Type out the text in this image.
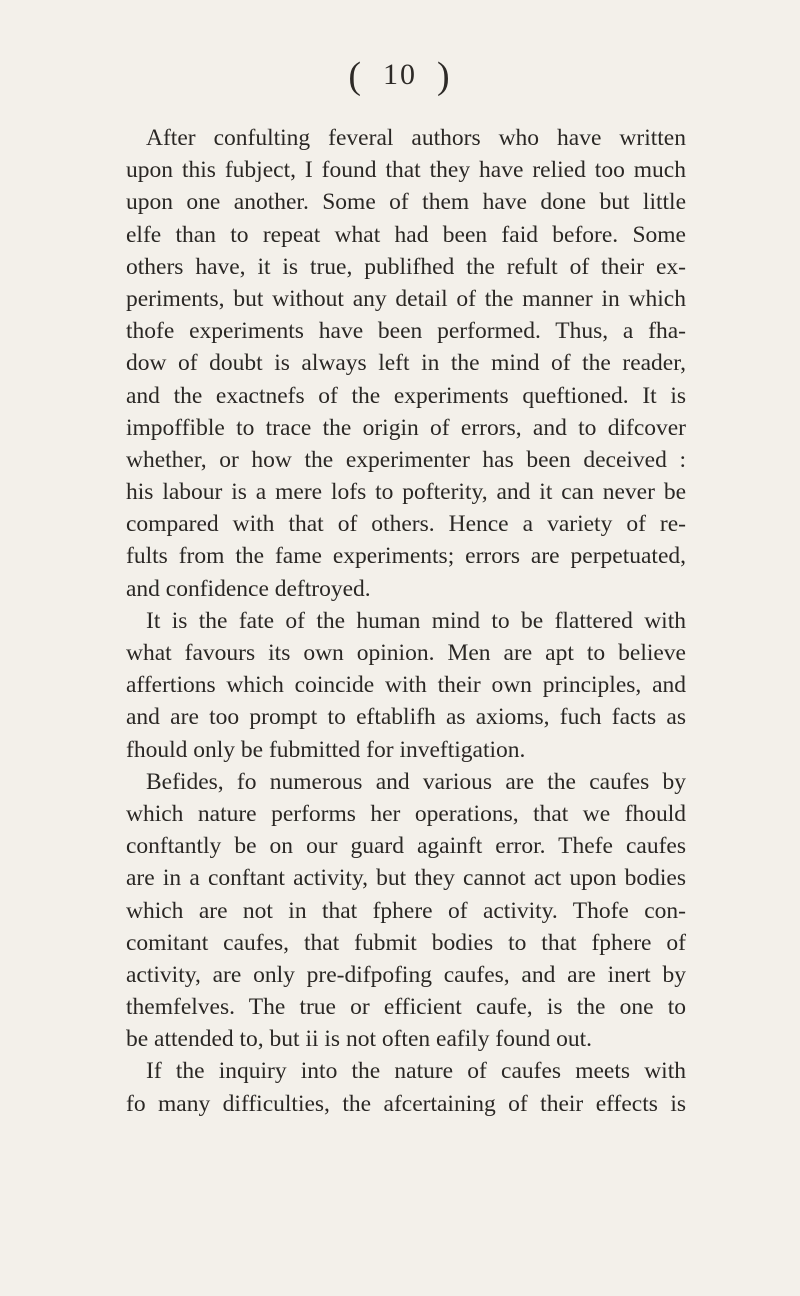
( 10 )
After confulting feveral authors who have written
upon this fubject, I found that they have relied too much
upon one another. Some of them have done but little
elfe than to repeat what had been faid before. Some
others have, it is true, publifhed the refult of their ex-
periments, but without any detail of the manner in which
thofe experiments have been performed. Thus, a fha-
dow of doubt is always left in the mind of the reader,
and the exactnefs of the experiments queftioned. It is
impoffible to trace the origin of errors, and to difcover
whether, or how the experimenter has been deceived :
his labour is a mere lofs to pofterity, and it can never be
compared with that of others. Hence a variety of re-
fults from the fame experiments; errors are perpetuated,
and confidence deftroyed.
It is the fate of the human mind to be flattered with
what favours its own opinion. Men are apt to believe
affertions which coincide with their own principles, and
and are too prompt to eftablifh as axioms, fuch facts as
fhould only be fubmitted for inveftigation.
Befides, fo numerous and various are the caufes by
which nature performs her operations, that we fhould
conftantly be on our guard againft error. Thefe caufes
are in a conftant activity, but they cannot act upon bodies
which are not in that fphere of activity. Thofe con-
comitant caufes, that fubmit bodies to that fphere of
activity, are only pre-difpofing caufes, and are inert by
themfelves. The true or efficient caufe, is the one to
be attended to, but ii is not often eafily found out.
If the inquiry into the nature of caufes meets with
fo many difficulties, the afcertaining of their effects is
